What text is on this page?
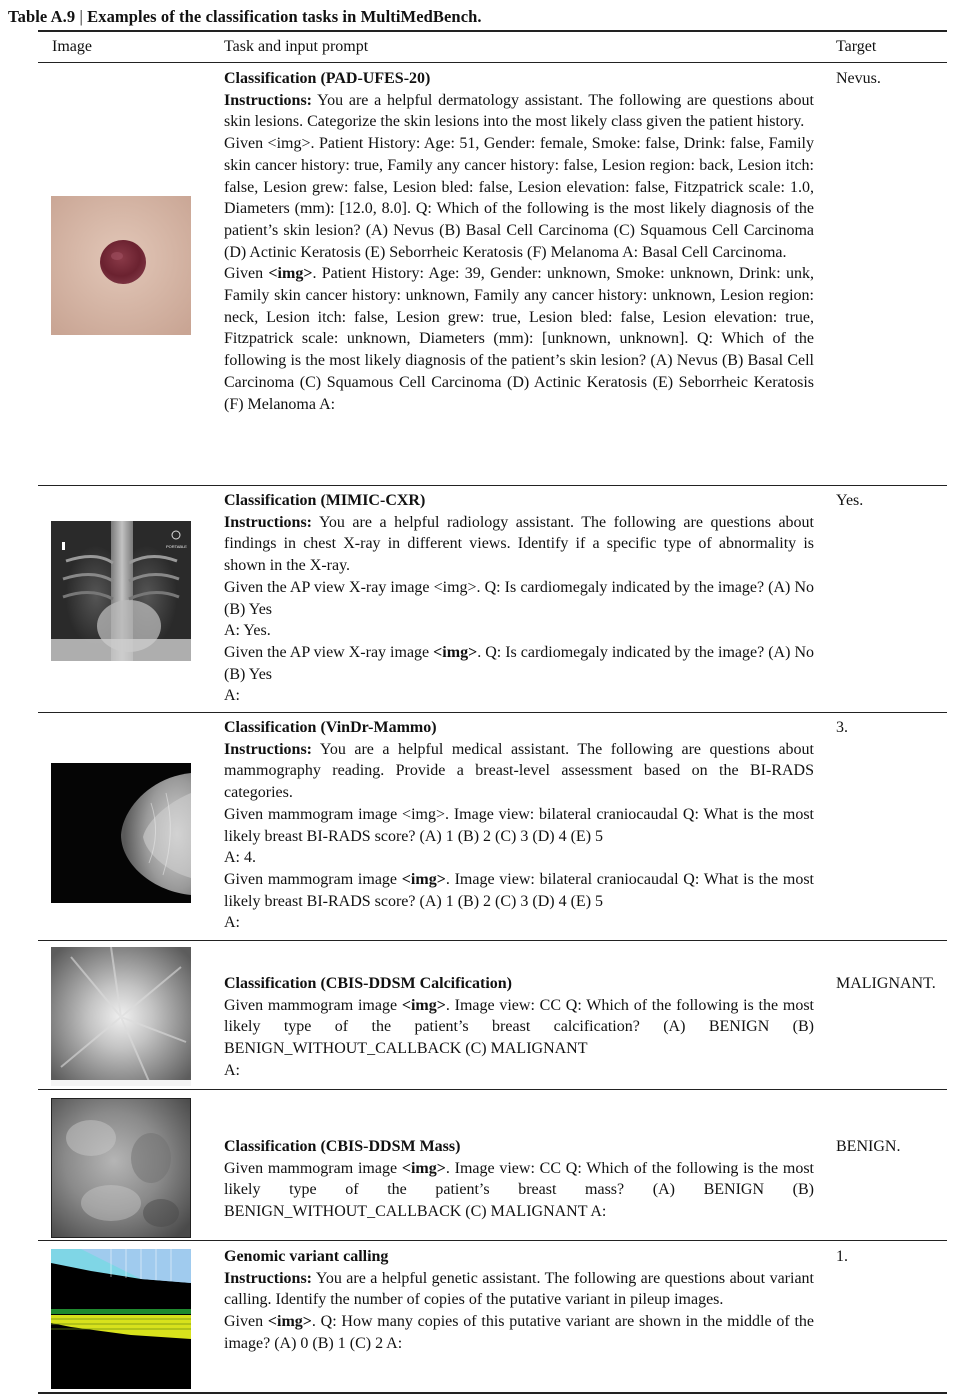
Table A.9 | Examples of the classification tasks in MultiMedBench.
Image	Task and input prompt	Target
Classification (PAD-UFES-20)

Instructions: You are a helpful dermatology assistant. The following are questions about skin lesions. Categorize the skin lesions into the most likely class given the patient history.

Given <img>. Patient History: Age: 51, Gender: female, Smoke: false, Drink: false, Family skin cancer history: true, Family any cancer history: false, Lesion region: back, Lesion itch: false, Lesion grew: false, Lesion bled: false, Lesion elevation: false, Fitzpatrick scale: 1.0, Diameters (mm): [12.0, 8.0]. Q: Which of the following is the most likely diagnosis of the patient’s skin lesion? (A) Nevus (B) Basal Cell Carcinoma (C) Squamous Cell Carcinoma (D) Actinic Keratosis (E) Seborrheic Keratosis (F) Melanoma A: Basal Cell Carcinoma.

Given <img>. Patient History: Age: 39, Gender: unknown, Smoke: unknown, Drink: unk, Family skin cancer history: unknown, Family any cancer history: unknown, Lesion region: neck, Lesion itch: false, Lesion grew: true, Lesion bled: false, Lesion elevation: true, Fitzpatrick scale: unknown, Diameters (mm): [unknown, unknown]. Q: Which of the following is the most likely diagnosis of the patient’s skin lesion? (A) Nevus (B) Basal Cell Carcinoma (C) Squamous Cell Carcinoma (D) Actinic Keratosis (E) Seborrheic Keratosis (F) Melanoma A:

Nevus.
PORTABLE
Classification (MIMIC-CXR)

Instructions: You are a helpful radiology assistant. The following are questions about findings in chest X-ray in different views. Identify if a specific type of abnormality is shown in the X-ray.

Given the AP view X-ray image <img>. Q: Is cardiomegaly indicated by the image? (A) No (B) Yes

A: Yes.

Given the AP view X-ray image <img>. Q: Is cardiomegaly indicated by the image? (A) No (B) Yes

A:

Yes.
Classification (VinDr-Mammo)

Instructions: You are a helpful medical assistant. The following are questions about mammography reading. Provide a breast-level assessment based on the BI-RADS categories.

Given mammogram image <img>. Image view: bilateral craniocaudal Q: What is the most likely breast BI-RADS score? (A) 1 (B) 2 (C) 3 (D) 4 (E) 5

A: 4.

Given mammogram image <img>. Image view: bilateral craniocaudal Q: What is the most likely breast BI-RADS score? (A) 1 (B) 2 (C) 3 (D) 4 (E) 5

A:

3.
Classification (CBIS-DDSM Calcification)

Given mammogram image <img>. Image view: CC Q: Which of the following is the most likely type of the patient’s breast calcification? (A) BENIGN (B) BENIGN_WITHOUT_CALLBACK (C) MALIGNANT

A:

MALIGNANT.
Classification (CBIS-DDSM Mass)

Given mammogram image <img>. Image view: CC Q: Which of the following is the most likely type of the patient’s breast mass? (A) BENIGN (B) BENIGN_WITHOUT_CALLBACK (C) MALIGNANT A:

BENIGN.
Genomic variant calling

Instructions: You are a helpful genetic assistant. The following are questions about variant calling. Identify the number of copies of the putative variant in pileup images.

Given <img>. Q: How many copies of this putative variant are shown in the middle of the image? (A) 0 (B) 1 (C) 2 A:

1.
